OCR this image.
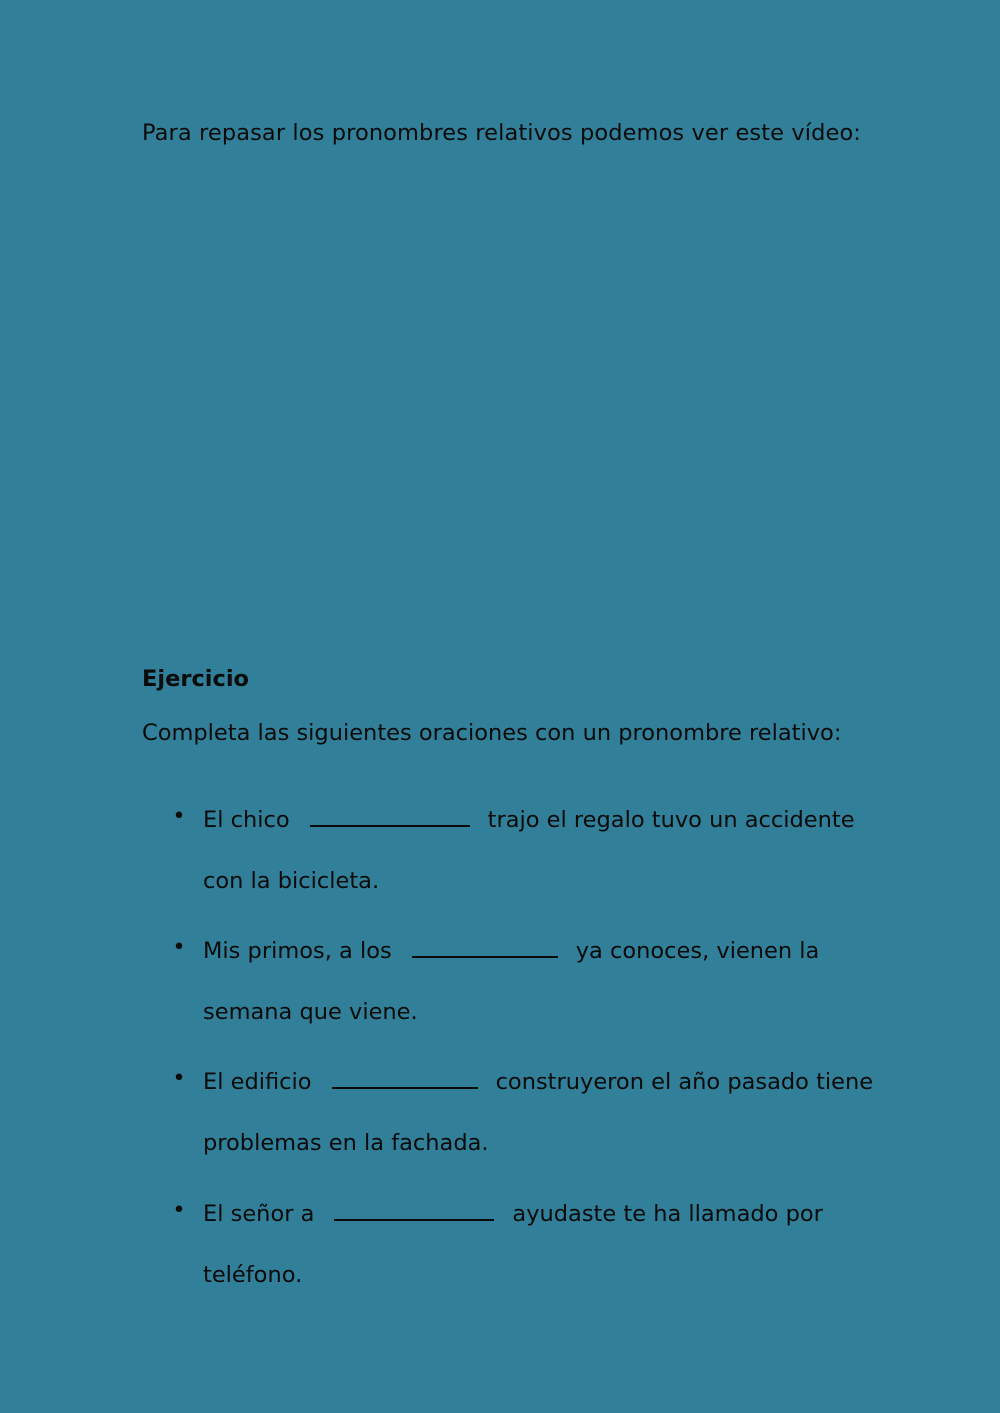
Para repasar los pronombres relativos podemos ver este vídeo:

Ejercicio

Completa las siguientes oraciones con un pronombre relativo:

• El chico	trajo el regalo tuvo un accidente
con la bicicleta.
• Mis primos, a los	ya conoces, vienen la
semana que viene.
• El edificio	construyeron el año pasado tiene
problemas en la fachada.
• El señor a	ayudaste te ha llamado por
teléfono.
